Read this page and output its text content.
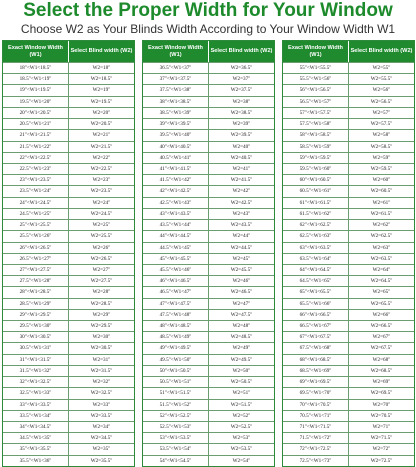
Select the Proper Width for Your Window
Choose W2 as Your Blinds Width According to Your Window Width W1
Exact Window Width (W1)
Select Blind width (W2)
18"<W1<18.5"	W2=18"
18.5"<W1<19"	W2=18.5"
19"<W1<19.5"	W2=19"
19.5"<W1<20"	W2=19.5"
20"<W1<20.5"	W2=20"
20.5"<W1<21"	W2=20.5"
21"<W1<21.5"	W2=21"
21.5"<W1<22"	W2=21.5"
22"<W1<22.5"	W2=22"
22.5"<W1<23"	W2=22.5"
23"<W1<23.5"	W2=23"
23.5"<W1<24"	W2=23.5"
24"<W1<24.5"	W2=24"
24.5"<W1<25"	W2=24.5"
25"<W1<25.5"	W2=25"
25.5"<W1<26"	W2=25.5"
26"<W1<26.5"	W2=26"
26.5"<W1<27"	W2=26.5"
27"<W1<27.5"	W2=27"
27.5"<W1<28"	W2=27.5"
28"<W1<28.5"	W2=28"
28.5"<W1<29"	W2=28.5"
29"<W1<29.5"	W2=29"
29.5"<W1<30"	W2=29.5"
30"<W1<30.5"	W2=30"
30.5"<W1<31"	W2=30.5"
31"<W1<31.5"	W2=31"
31.5"<W1<32"	W2=31.5"
32"<W1<32.5"	W2=32"
32.5"<W1<33"	W2=32.5"
33"<W1<33.5"	W2=33"
33.5"<W1<34"	W2=33.5"
34"<W1<34.5"	W2=34"
34.5"<W1<35"	W2=34.5"
35"<W1<35.5"	W2=35"
35.5"<W1<36"	W2=35.5"
Exact Window Width (W1)
Select Blind width (W2)
36.5"<W1<37"	W2=36.5"
37"<W1<37.5"	W2=37"
37.5"<W1<38"	W2=37.5"
38"<W1<38.5"	W2=38"
38.5"<W1<39"	W2=38.5"
39"<W1<39.5"	W2=39"
39.5"<W1<40"	W2=39.5"
40"<W1<40.5"	W2=40"
40.5"<W1<41"	W2=40.5"
41"<W1<41.5"	W2=41"
41.5"<W1<42"	W2=41.5"
42"<W1<42.5"	W2=42"
42.5"<W1<43"	W2=42.5"
43"<W1<43.5"	W2=43"
43.5"<W1<44"	W2=43.5"
44"<W1<44.5"	W2=44"
44.5"<W1<45"	W2=44.5"
45"<W1<45.5"	W2=45"
45.5"<W1<46"	W2=45.5"
46"<W1<46.5"	W2=46"
46.5"<W1<47"	W2=46.5"
47"<W1<47.5"	W2=47"
47.5"<W1<48"	W2=47.5"
48"<W1<48.5"	W2=48"
48.5"<W1<49"	W2=48.5"
49"<W1<49.5"	W2=49"
49.5"<W1<50"	W2=49.5"
50"<W1<50.5"	W2=50"
50.5"<W1<51"	W2=50.5"
51"<W1<51.5"	W2=51"
51.5"<W1<52"	W2=51.5"
52"<W1<52.5"	W2=52"
52.5"<W1<53"	W2=52.5"
53"<W1<53.5"	W2=53"
53.5"<W1<54"	W2=53.5"
54"<W1<54.5"	W2=54"
Exact Window Width (W1)
Select Blind width (W2)
55"<W1<55.5"	W2=55"
55.5"<W1<56"	W2=55.5"
56"<W1<56.5"	W2=56"
56.5"<W1<57"	W2=56.5"
57"<W1<57.5"	W2=57"
57.5"<W1<58"	W2=57.5"
58"<W1<58.5"	W2=58"
58.5"<W1<59"	W2=58.5"
59"<W1<59.5"	W2=59"
59.5"<W1<60"	W2=59.5"
60"<W1<60.5"	W2=60"
60.5"<W1<61"	W2=60.5"
61"<W1<61.5"	W2=61"
61.5"<W1<62"	W2=61.5"
62"<W1<62.5"	W2=62"
62.5"<W1<63"	W2=62.5"
63"<W1<63.5"	W2=63"
63.5"<W1<64"	W2=63.5"
64"<W1<64.5"	W2=64"
64.5"<W1<65"	W2=64.5"
65"<W1<65.5"	W2=65"
65.5"<W1<66"	W2=65.5"
66"<W1<66.5"	W2=66"
66.5"<W1<67"	W2=66.5"
67"<W1<67.5"	W2=67"
67.5"<W1<68"	W2=67.5"
68"<W1<68.5"	W2=68"
68.5"<W1<69"	W2=68.5"
69"<W1<69.5"	W2=69"
69.5"<W1<70"	W2=69.5"
70"<W1<70.5"	W2=70"
70.5"<W1<71"	W2=70.5"
71"<W1<71.5"	W2=71"
71.5"<W1<72"	W2=71.5"
72"<W1<72.5"	W2=72"
72.5"<W1<73"	W2=72.5"
